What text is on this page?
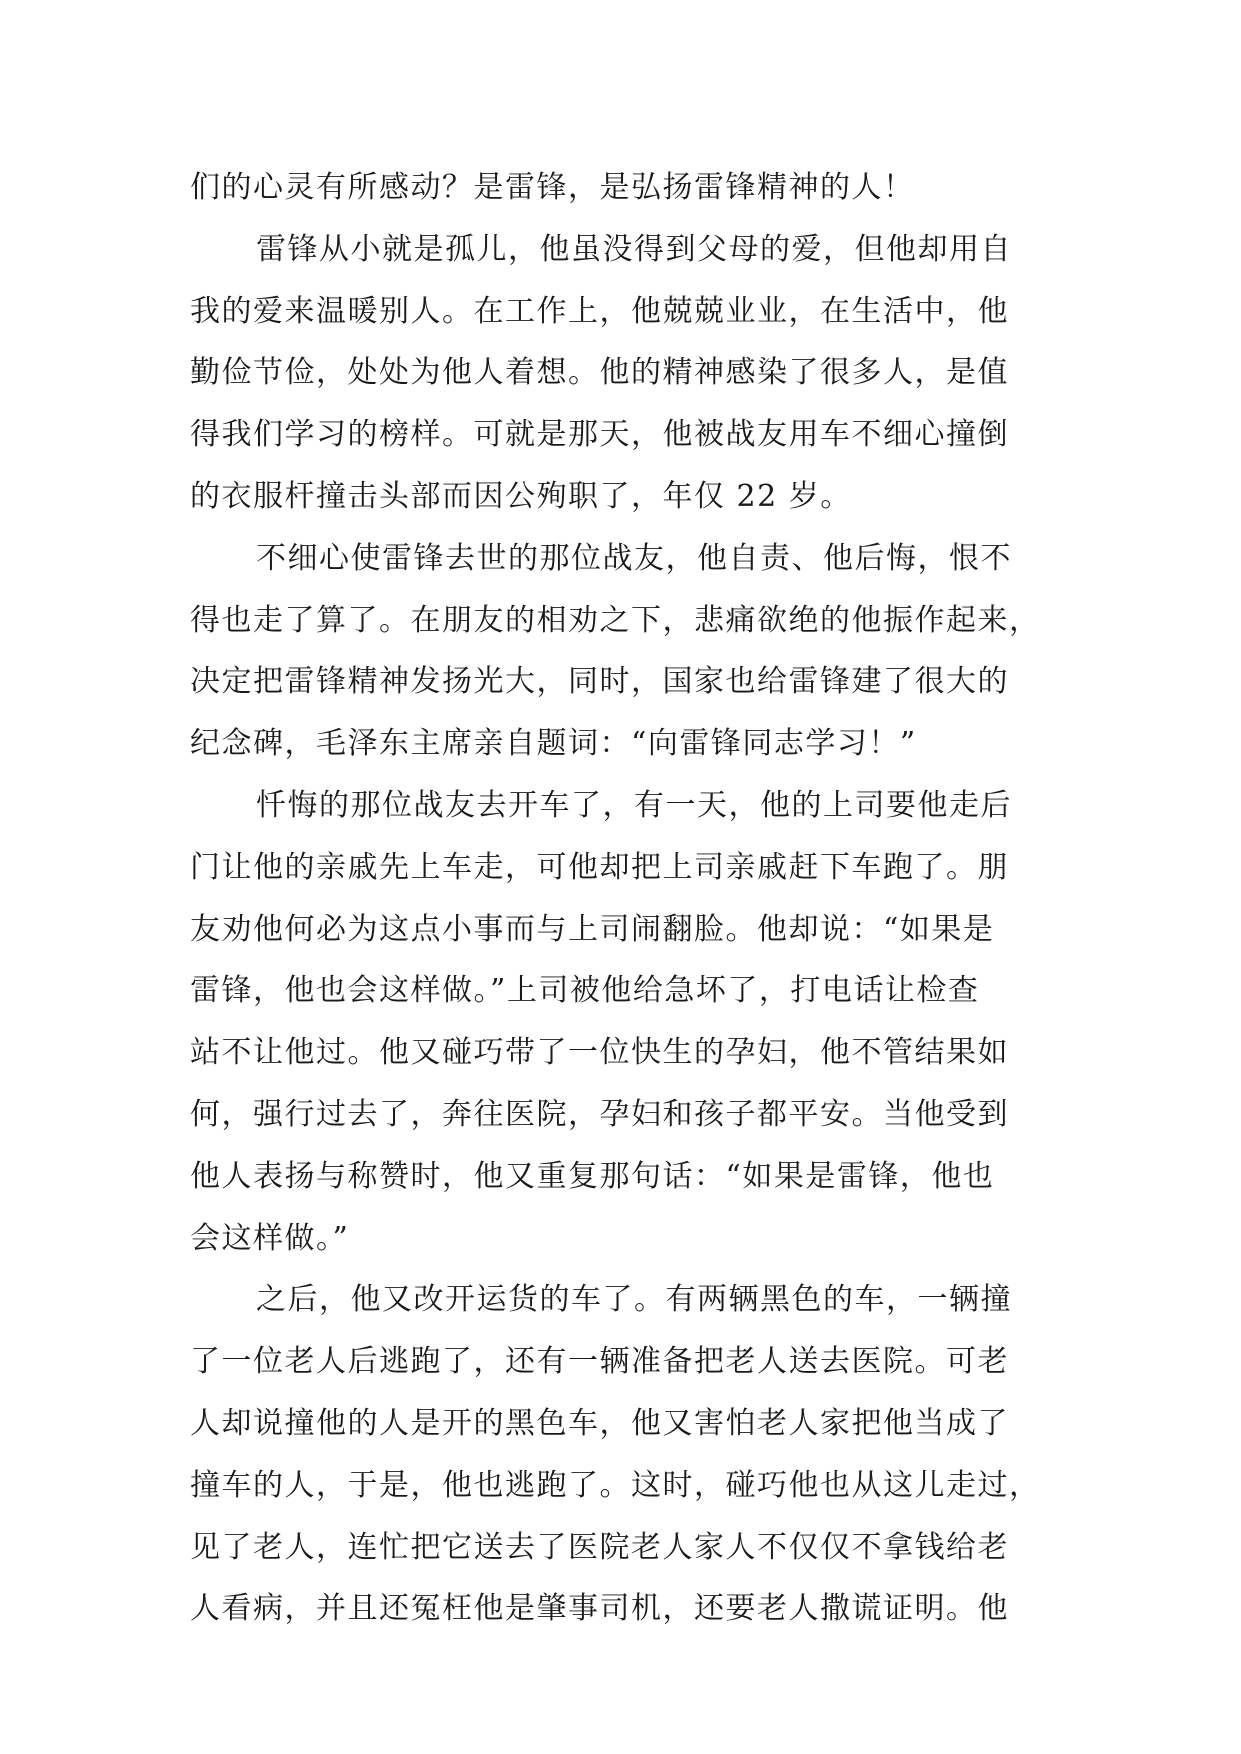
们的心灵有所感动？是雷锋，是弘扬雷锋精神的人！
雷锋从小就是孤儿，他虽没得到父母的爱，但他却用自
我的爱来温暖别人。在工作上，他兢兢业业，在生活中，他
勤俭节俭，处处为他人着想。他的精神感染了很多人，是值
得我们学习的榜样。可就是那天，他被战友用车不细心撞倒
的衣服杆撞击头部而因公殉职了，年仅 22 岁。
不细心使雷锋去世的那位战友，他自责、他后悔，恨不
得也走了算了。在朋友的相劝之下，悲痛欲绝的他振作起来，
决定把雷锋精神发扬光大，同时，国家也给雷锋建了很大的
纪念碑，毛泽东主席亲自题词：“向雷锋同志学习！”
忏悔的那位战友去开车了，有一天，他的上司要他走后
门让他的亲戚先上车走，可他却把上司亲戚赶下车跑了。朋
友劝他何必为这点小事而与上司闹翻脸。他却说：“如果是
雷锋，他也会这样做。”上司被他给急坏了，打电话让检查
站不让他过。他又碰巧带了一位快生的孕妇，他不管结果如
何，强行过去了，奔往医院，孕妇和孩子都平安。当他受到
他人表扬与称赞时，他又重复那句话：“如果是雷锋，他也
会这样做。”
之后，他又改开运货的车了。有两辆黑色的车，一辆撞
了一位老人后逃跑了，还有一辆准备把老人送去医院。可老
人却说撞他的人是开的黑色车，他又害怕老人家把他当成了
撞车的人，于是，他也逃跑了。这时，碰巧他也从这儿走过，
见了老人，连忙把它送去了医院老人家人不仅仅不拿钱给老
人看病，并且还冤枉他是肇事司机，还要老人撒谎证明。他
